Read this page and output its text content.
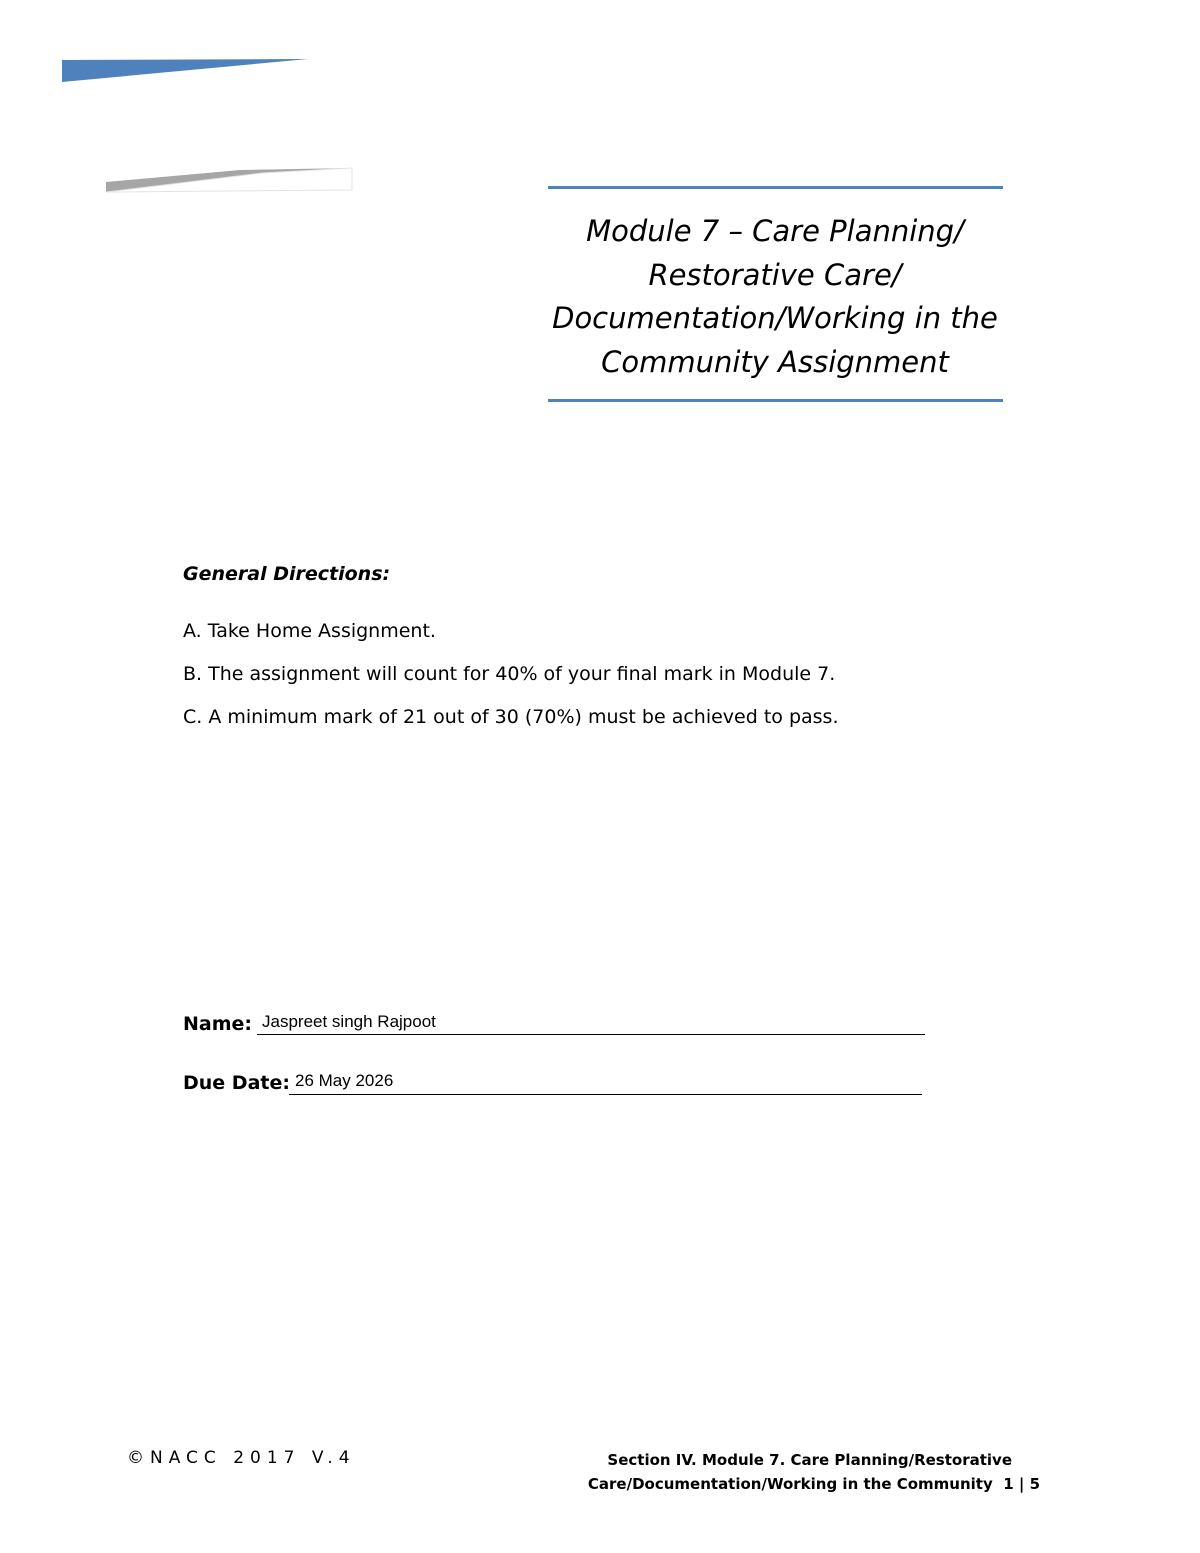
Module 7 – Care Planning/
Restorative Care/
Documentation/Working in the
Community Assignment
General Directions:
A. Take Home Assignment.
B. The assignment will count for 40% of your final mark in Module 7.
C. A minimum mark of 21 out of 30 (70%) must be achieved to pass.
Name: Jaspreet singh Rajpoot
Due Date: 26 May 2026
©NACC 2017 V.4	Section IV. Module 7. Care Planning/Restorative
Care/Documentation/Working in the Community 1 | 5
